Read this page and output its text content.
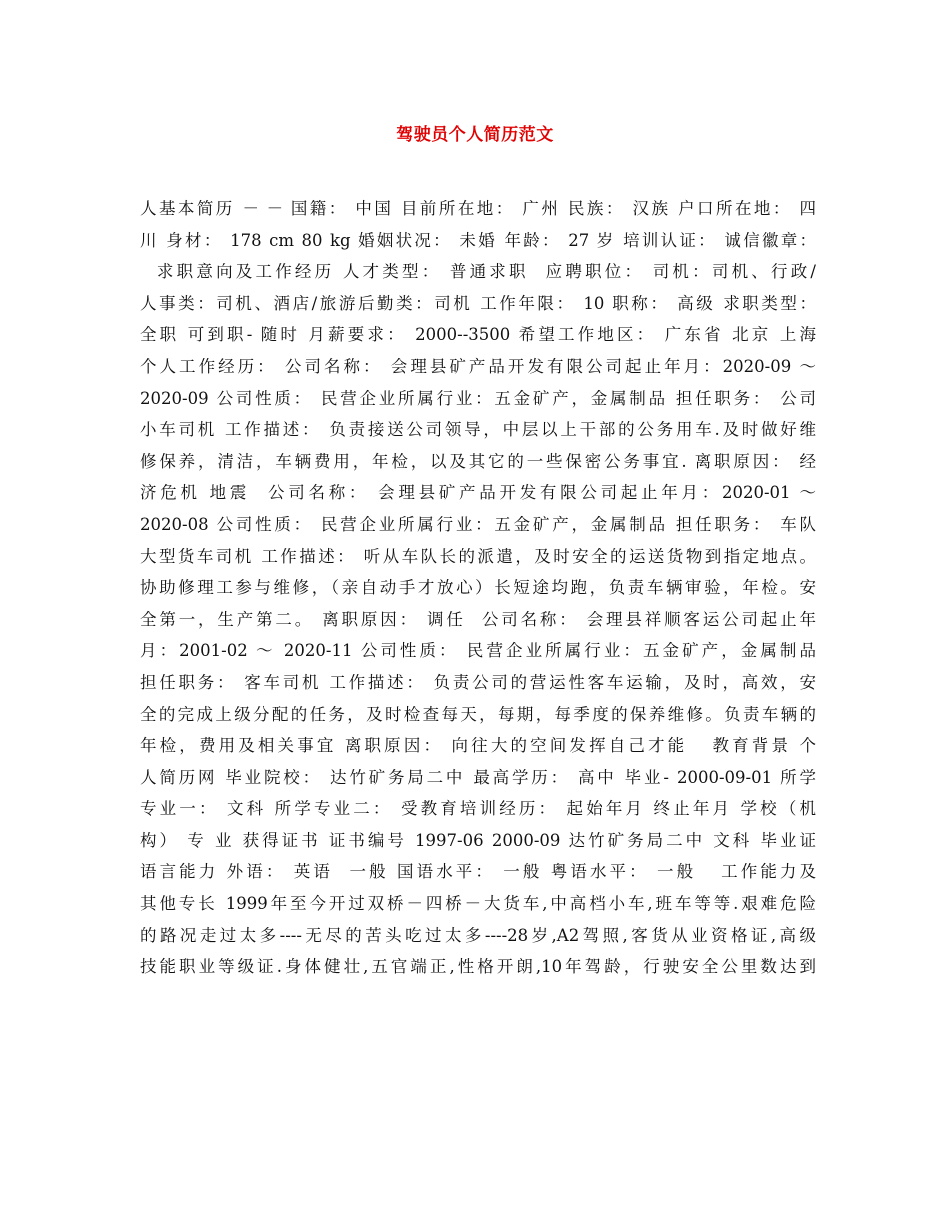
驾驶员个人简历范文
人基本简历 － － 国籍： 中国 目前所在地： 广州 民族： 汉族 户口所在地： 四
川 身材： 178 cm 80 kg 婚姻状况： 未婚 年龄： 27 岁 培训认证： 诚信徽章：
求职意向及工作经历 人才类型： 普通求职  应聘职位： 司机：司机、行政/
人事类：司机、酒店/旅游后勤类：司机 工作年限： 10 职称： 高级 求职类型：
全职 可到职- 随时 月薪要求： 2000--3500 希望工作地区： 广东省 北京 上海
个人工作经历： 公司名称： 会理县矿产品开发有限公司起止年月：2020-09 ～
2020-09 公司性质： 民营企业所属行业：五金矿产，金属制品 担任职务： 公司
小车司机 工作描述： 负责接送公司领导，中层以上干部的公务用车.及时做好维
修保养，清洁，车辆费用，年检，以及其它的一些保密公务事宜. 离职原因： 经
济危机 地震  公司名称： 会理县矿产品开发有限公司起止年月：2020-01 ～
2020-08 公司性质： 民营企业所属行业：五金矿产，金属制品 担任职务： 车队
大型货车司机 工作描述： 听从车队长的派遣，及时安全的运送货物到指定地点。
协助修理工参与维修，（亲自动手才放心）长短途均跑，负责车辆审验，年检。安
全第一，生产第二。 离职原因： 调任  公司名称： 会理县祥顺客运公司起止年
月：2001-02 ～ 2020-11 公司性质： 民营企业所属行业：五金矿产，金属制品
担任职务： 客车司机 工作描述： 负责公司的营运性客车运输，及时，高效，安
全的完成上级分配的任务，及时检查每天，每期，每季度的保养维修。负责车辆的
年检，费用及相关事宜 离职原因： 向往大的空间发挥自己才能   教育背景 个
人简历网 毕业院校： 达竹矿务局二中 最高学历： 高中 毕业- 2000-09-01 所学
专业一： 文科 所学专业二： 受教育培训经历： 起始年月 终止年月 学校（机
构） 专 业 获得证书 证书编号 1997-06 2000-09 达竹矿务局二中 文科 毕业证
语言能力 外语： 英语  一般 国语水平： 一般 粤语水平： 一般   工作能力及
其他专长 1999年至今开过双桥－四桥－大货车,中高档小车,班车等等.艰难危险
的路况走过太多----无尽的苦头吃过太多----28岁,A2驾照,客货从业资格证,高级
技能职业等级证.身体健壮,五官端正,性格开朗,10年驾龄，行驶安全公里数达到
